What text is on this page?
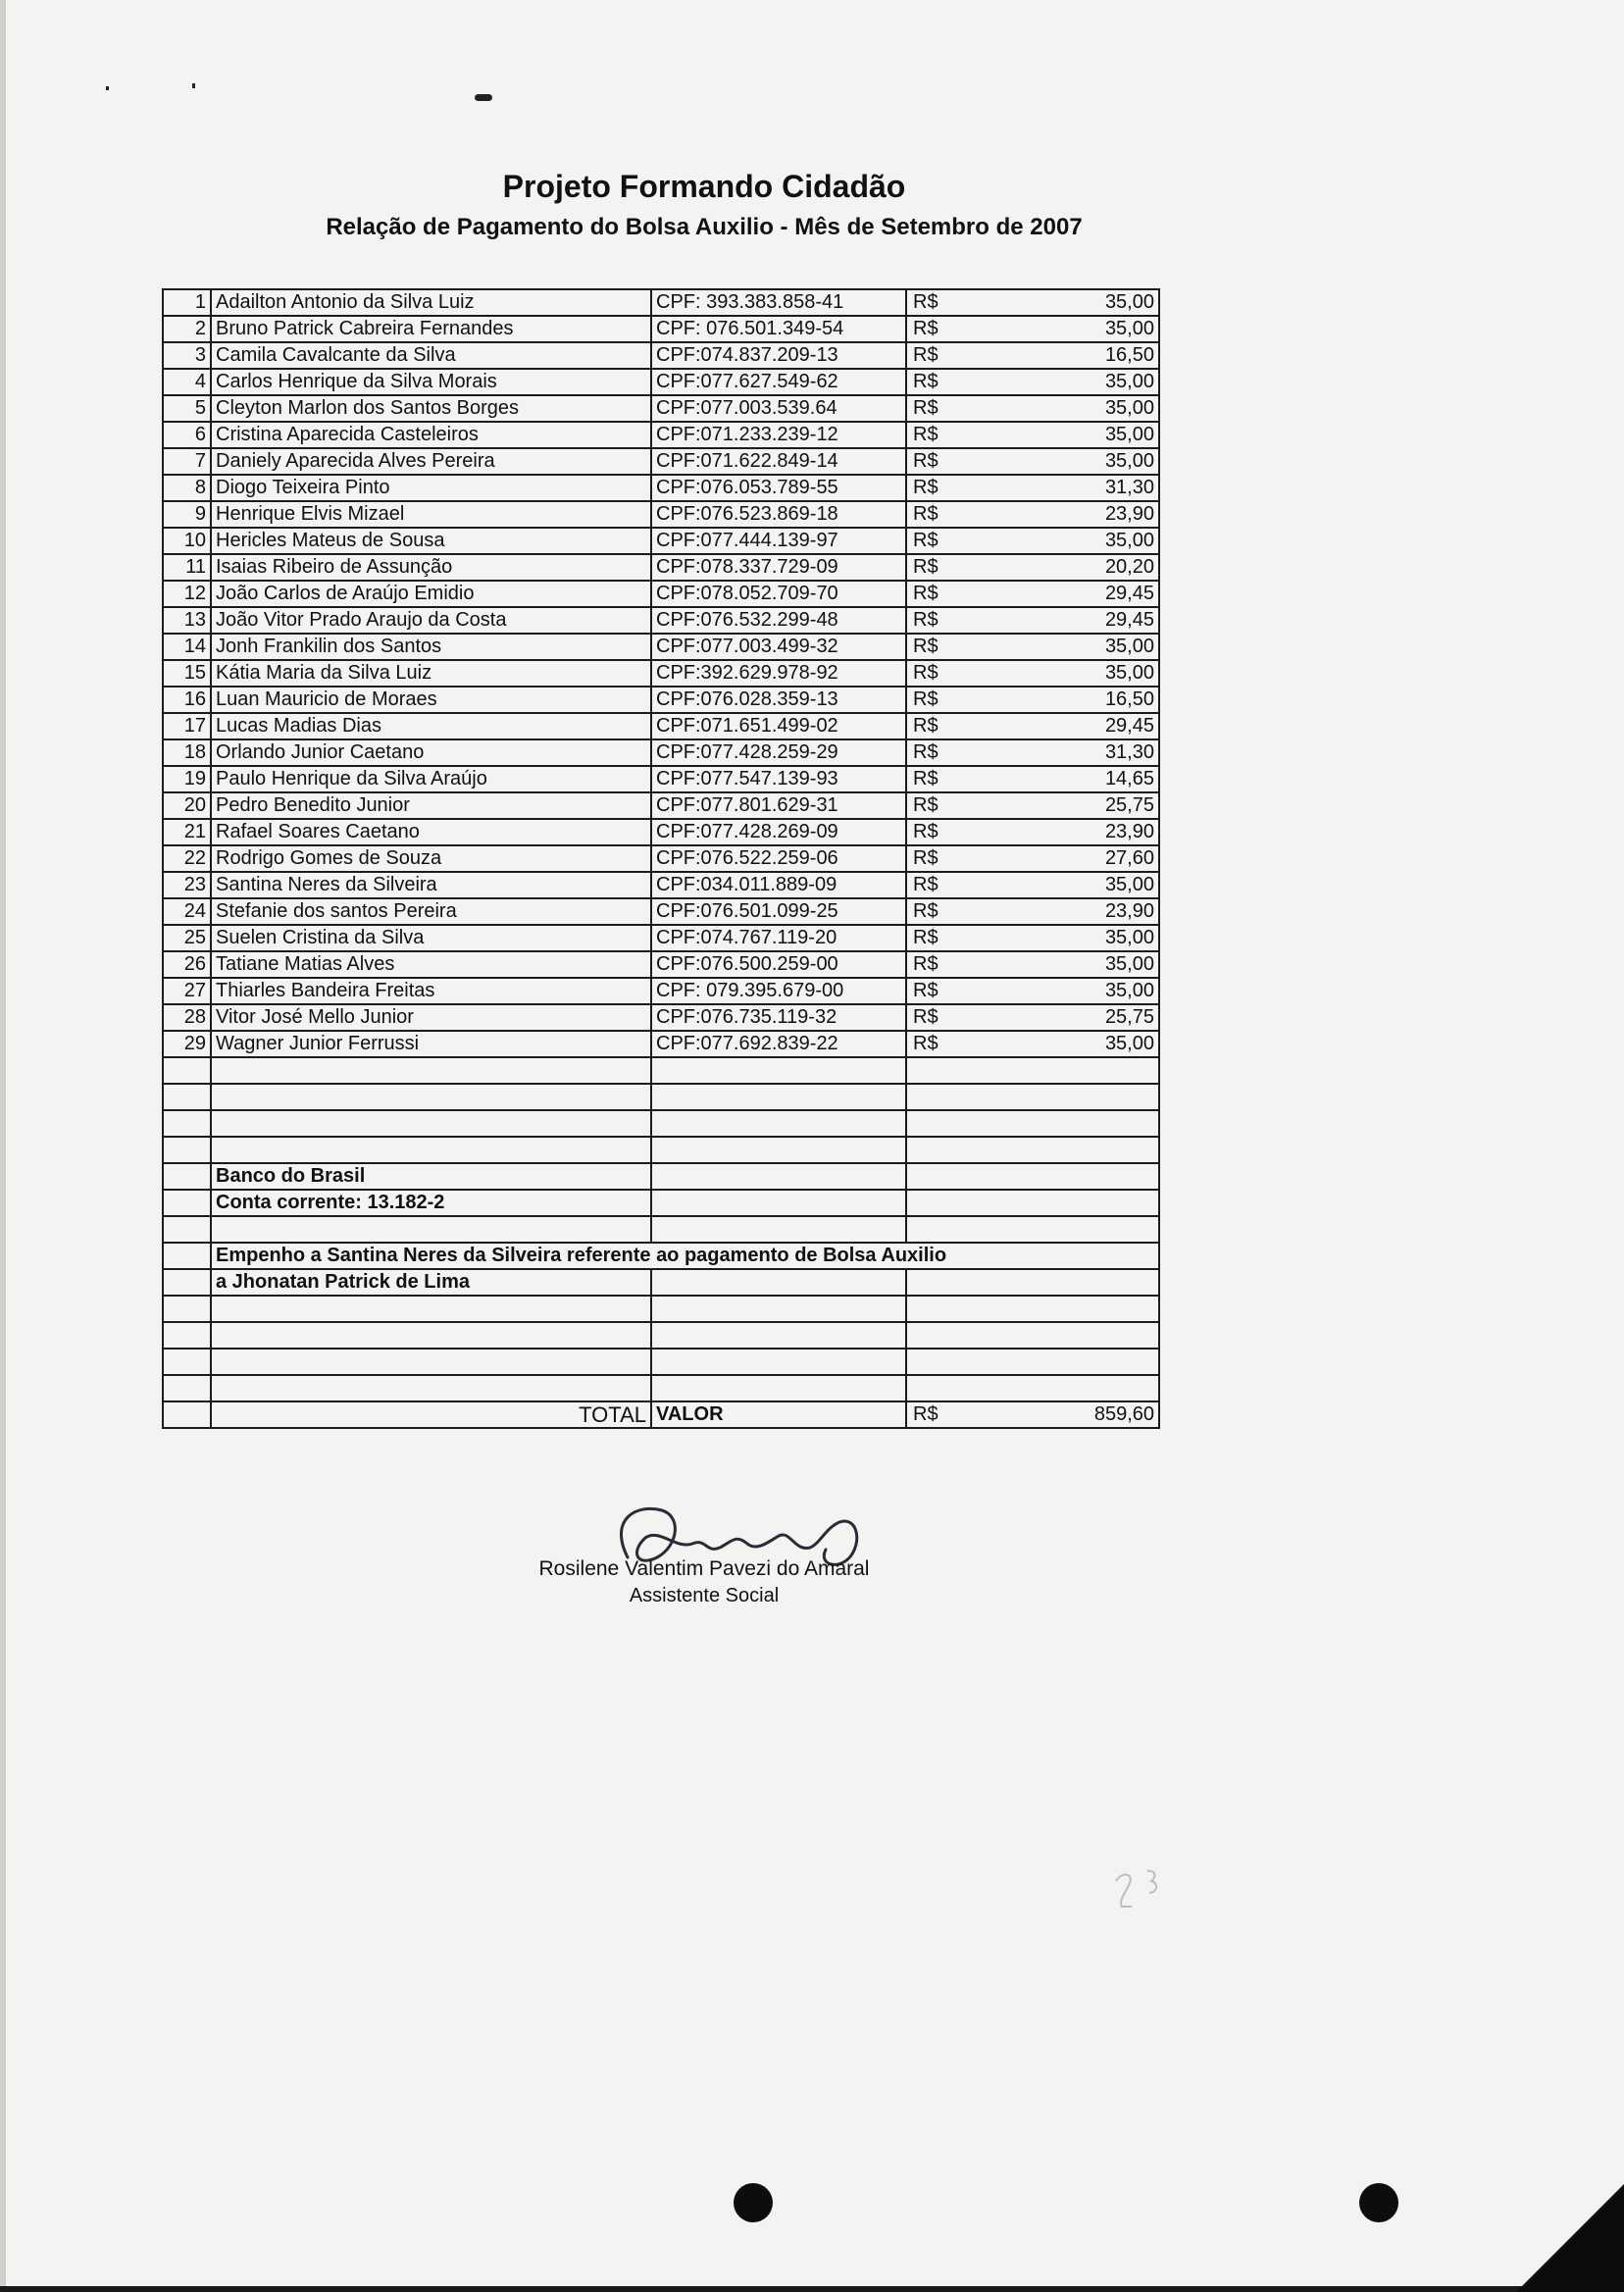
Projeto Formando Cidadão
Relação de Pagamento do Bolsa Auxilio - Mês de Setembro de 2007
1	Adailton Antonio da Silva Luiz	CPF: 393.383.858-41	R$ 35,00
2	Bruno Patrick Cabreira Fernandes	CPF: 076.501.349-54	R$ 35,00
3	Camila Cavalcante da Silva	CPF:074.837.209-13	R$ 16,50
4	Carlos Henrique da Silva Morais	CPF:077.627.549-62	R$ 35,00
5	Cleyton Marlon dos Santos Borges	CPF:077.003.539.64	R$ 35,00
6	Cristina Aparecida Casteleiros	CPF:071.233.239-12	R$ 35,00
7	Daniely Aparecida Alves Pereira	CPF:071.622.849-14	R$ 35,00
8	Diogo Teixeira Pinto	CPF:076.053.789-55	R$ 31,30
9	Henrique Elvis Mizael	CPF:076.523.869-18	R$ 23,90
10	Hericles Mateus de Sousa	CPF:077.444.139-97	R$ 35,00
11	Isaias Ribeiro de Assunção	CPF:078.337.729-09	R$ 20,20
12	João Carlos de Araújo Emidio	CPF:078.052.709-70	R$ 29,45
13	João Vitor Prado Araujo da Costa	CPF:076.532.299-48	R$ 29,45
14	Jonh Frankilin dos Santos	CPF:077.003.499-32	R$ 35,00
15	Kátia Maria da Silva Luiz	CPF:392.629.978-92	R$ 35,00
16	Luan Mauricio de Moraes	CPF:076.028.359-13	R$ 16,50
17	Lucas Madias Dias	CPF:071.651.499-02	R$ 29,45
18	Orlando Junior Caetano	CPF:077.428.259-29	R$ 31,30
19	Paulo Henrique da Silva Araújo	CPF:077.547.139-93	R$ 14,65
20	Pedro Benedito Junior	CPF:077.801.629-31	R$ 25,75
21	Rafael Soares Caetano	CPF:077.428.269-09	R$ 23,90
22	Rodrigo Gomes de Souza	CPF:076.522.259-06	R$ 27,60
23	Santina Neres da Silveira	CPF:034.011.889-09	R$ 35,00
24	Stefanie dos santos Pereira	CPF:076.501.099-25	R$ 23,90
25	Suelen Cristina da Silva	CPF:074.767.119-20	R$ 35,00
26	Tatiane Matias Alves	CPF:076.500.259-00	R$ 35,00
27	Thiarles Bandeira Freitas	CPF: 079.395.679-00	R$ 35,00
28	Vitor José Mello Junior	CPF:076.735.119-32	R$ 25,75
29	Wagner Junior Ferrussi	CPF:077.692.839-22	R$ 35,00

	Banco do Brasil		
	Conta corrente: 13.182-2		

	Empenho a Santina Neres da Silveira referente ao pagamento de Bolsa Auxilio		
	a Jhonatan Patrick de Lima		

	TOTAL	VALOR	R$ 859,60

Rosilene Valentim Pavezi do Amaral

Assistente Social
